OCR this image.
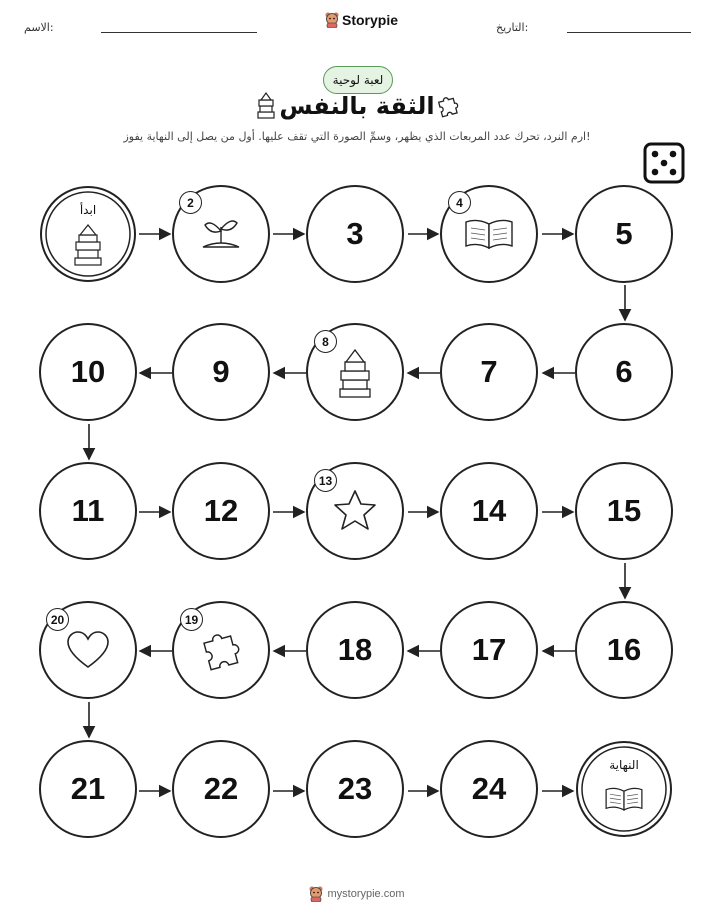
الاسم:	التاريخ:
Storypie
لعبة لوحية
الثقة بالنفس
ارم النرد، تحرك عدد المربعات الذي يظهر، وسمِّ الصورة التي تقف عليها. أول من يصل إلى النهاية يفوز!
ابدأ	2
3
4
5
10	9
8
7	6
11	12
13
14	15
20	19
18	17	16
21	22	23	24
النهاية
mystorypie.com
